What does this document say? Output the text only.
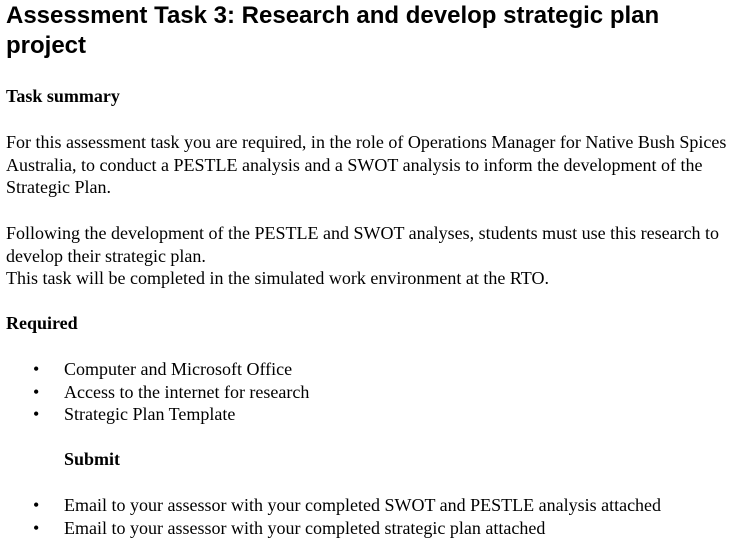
Assessment Task 3: Research and develop strategic plan project

Task summary

For this assessment task you are required, in the role of Operations Manager for Native Bush Spices Australia, to conduct a PESTLE analysis and a SWOT analysis to inform the development of the Strategic Plan.

Following the development of the PESTLE and SWOT analyses, students must use this research to develop their strategic plan.
This task will be completed in the simulated work environment at the RTO.

Required

• Computer and Microsoft Office
• Access to the internet for research
• Strategic Plan Template

Submit

• Email to your assessor with your completed SWOT and PESTLE analysis attached
• Email to your assessor with your completed strategic plan attached
